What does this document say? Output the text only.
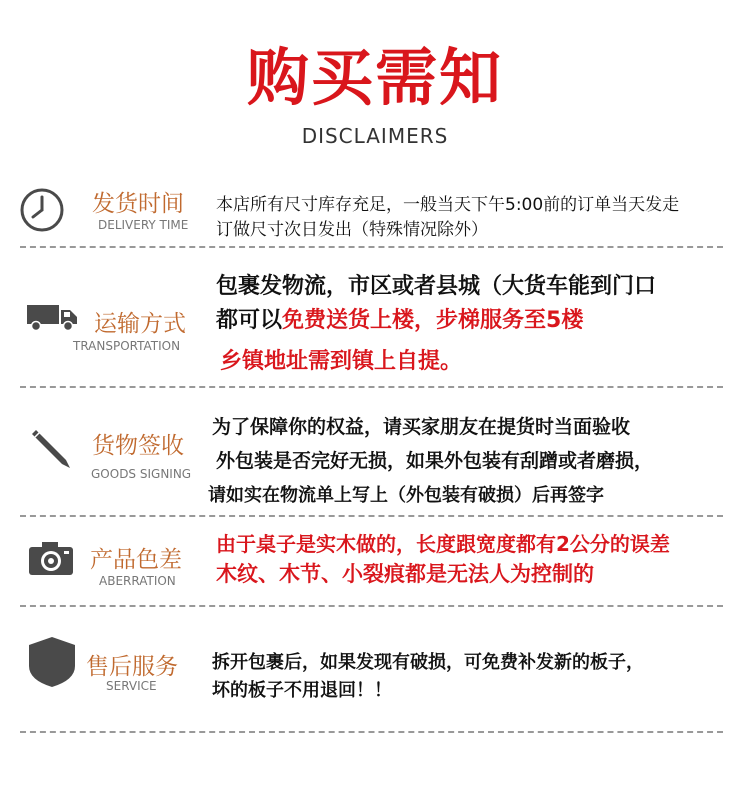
购买需知
DISCLAIMERS
发货时间
DELIVERY TIME
本店所有尺寸库存充足，一般当天下午5:00前的订单当天发走
订做尺寸次日发出（特殊情况除外）
运输方式
TRANSPORTATION
包裹发物流，市区或者县城（大货车能到门口
都可以免费送货上楼，步梯服务至5楼
乡镇地址需到镇上自提。
货物签收
GOODS SIGNING
为了保障你的权益，请买家朋友在提货时当面验收
外包装是否完好无损，如果外包装有刮蹭或者磨损，
请如实在物流单上写上（外包装有破损）后再签字
产品色差
ABERRATION
由于桌子是实木做的，长度跟宽度都有2公分的误差
木纹、木节、小裂痕都是无法人为控制的
售后服务
SERVICE
拆开包裹后，如果发现有破损，可免费补发新的板子，
坏的板子不用退回！！
